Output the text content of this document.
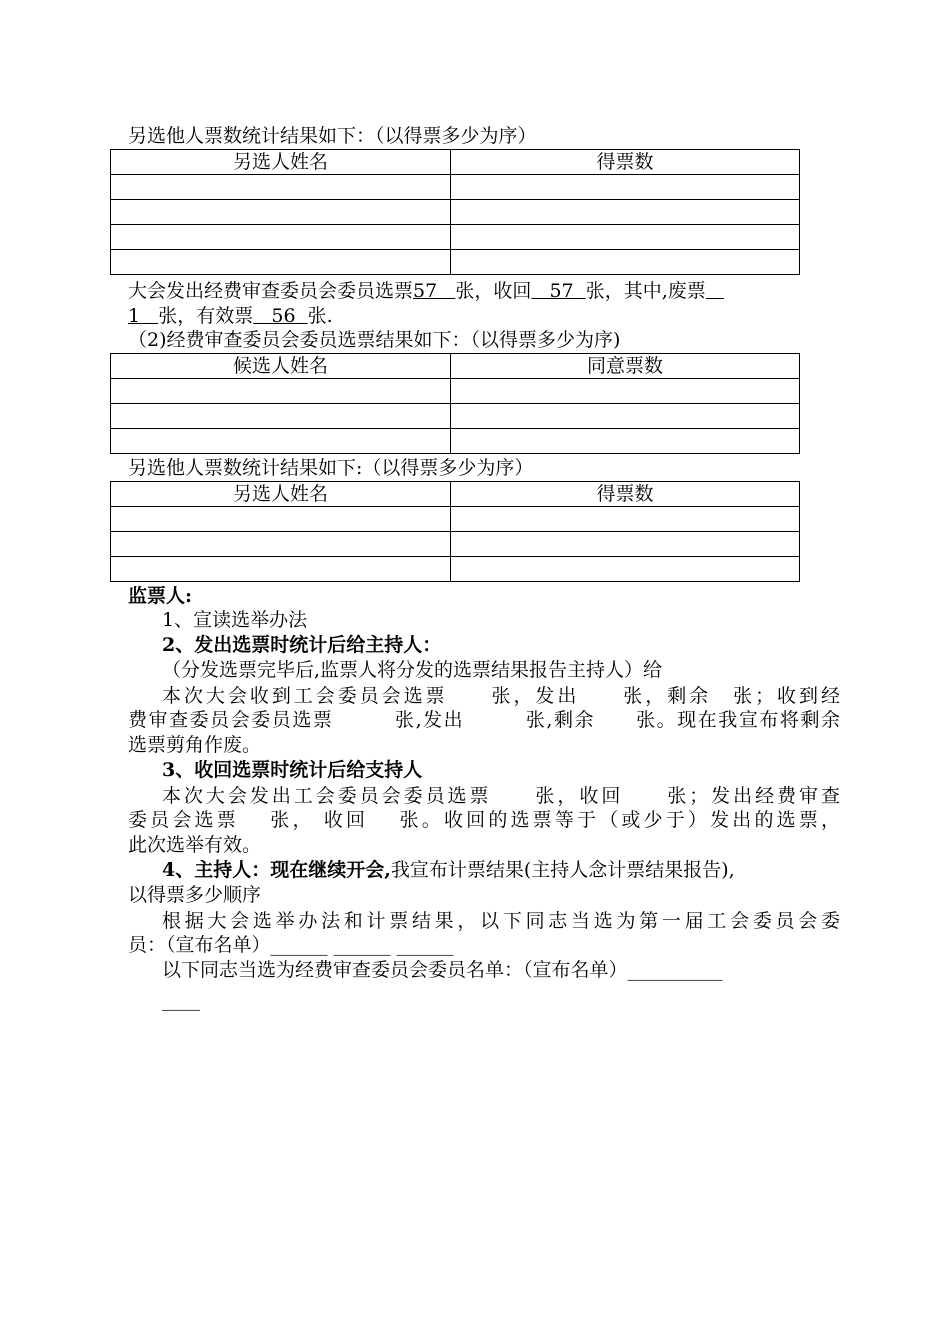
另选他人票数统计结果如下：（以得票多少为序）
另选人姓名	得票数

大会发出经费审查委员会委员选票57 张，收回 57 张，其中,废票
1 张，有效票 56 张.
（2)经费审查委员会委员选票结果如下：（以得票多少为序)
候选人姓名	同意票数

另选他人票数统计结果如下:（以得票多少为序）
另选人姓名	得票数

监票人:
1、宣读选举办法
2、发出选票时统计后给主持人：
（分发选票完毕后,监票人将分发的选票结果报告主持人）给
本次大会收到工会委员会选票　　张，发出　　张，剩余　张；收到经
费审查委员会委员选票　　　张,发出　　　张,剩余　　张。现在我宣布将剩余
选票剪角作废。
3、收回选票时统计后给支持人
本次大会发出工会委员会委员选票　　张，收回　　张；发出经费审查
委员会选票　 张， 收回　 张。收回的选票等于（或少于）发出的选票，
此次选举有效。
4、主持人：现在继续开会,我宣布计票结果(主持人念计票结果报告),
以得票多少顺序
根据大会选举办法和计票结果，以下同志当选为第一届工会委员会委
员：（宣布名单）______ ______ ______
以下同志当选为经费审查委员会委员名单：（宣布名单）__________
____
